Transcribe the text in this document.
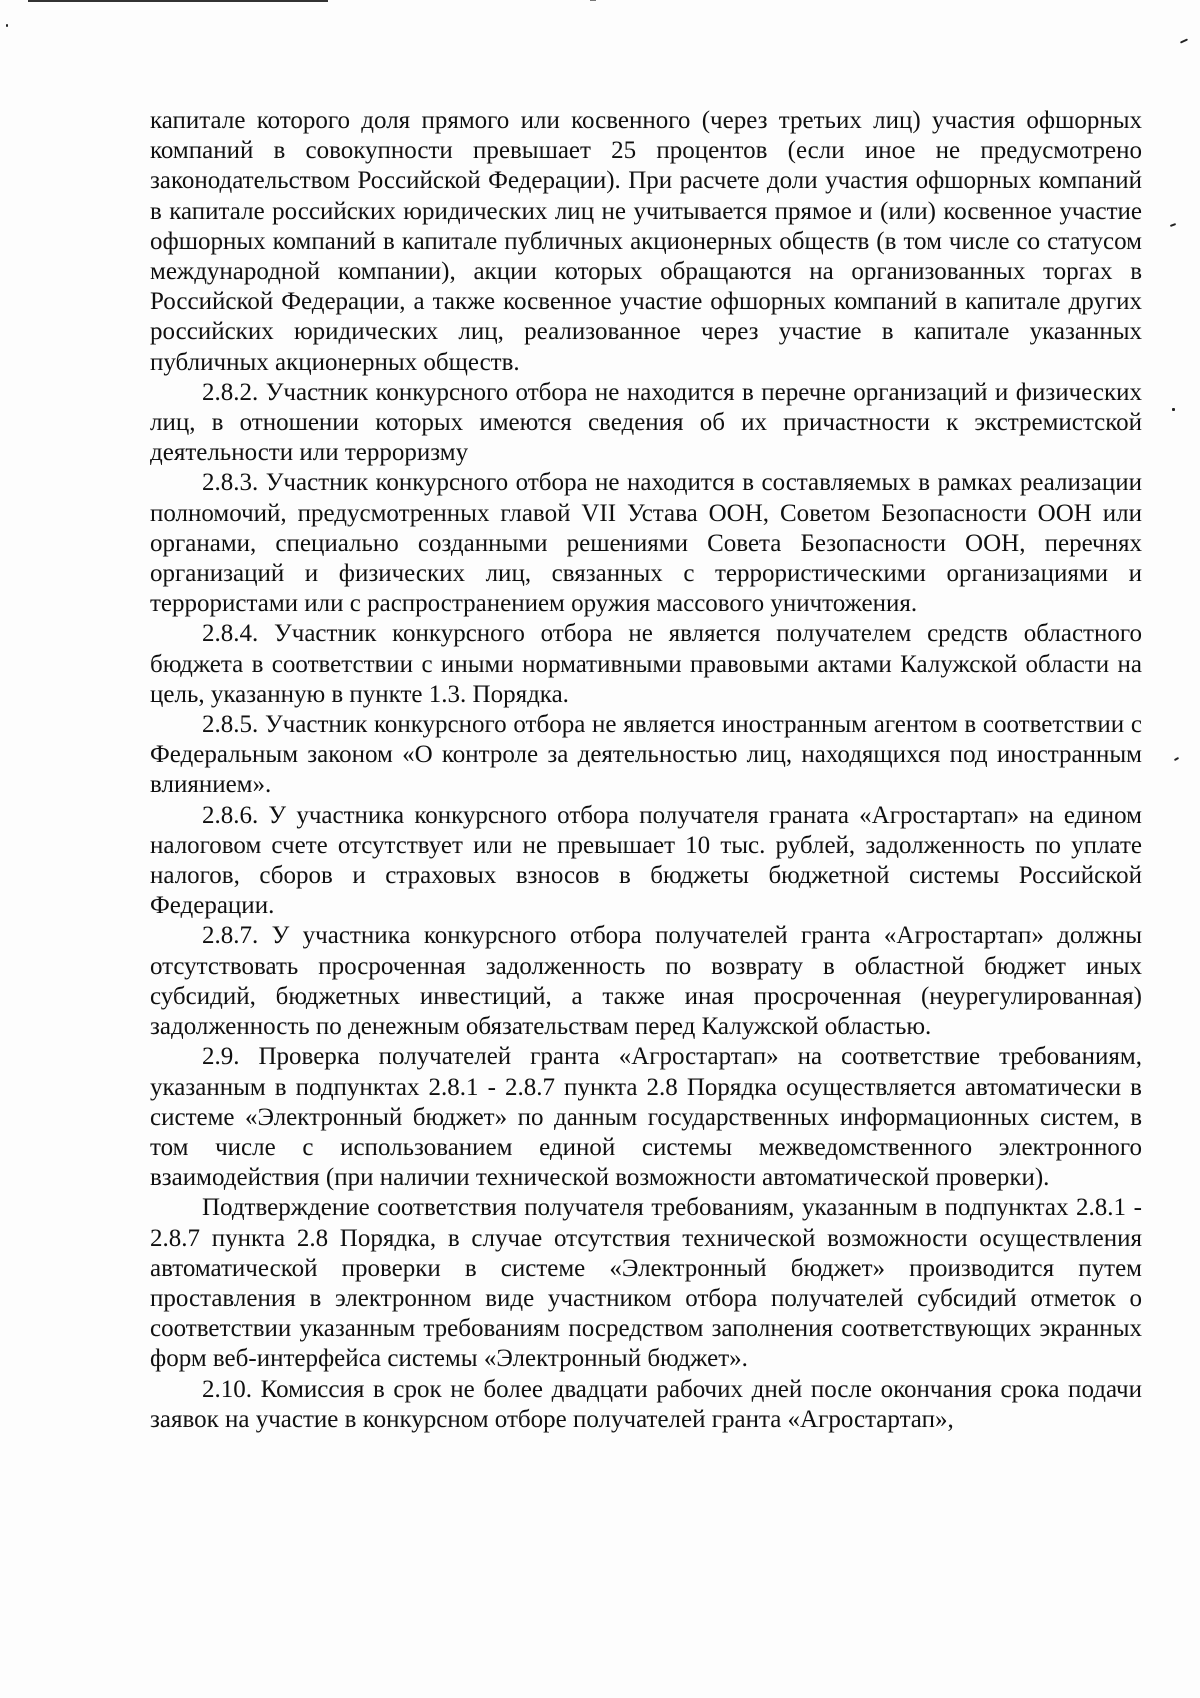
капитале которого доля прямого или косвенного (через третьих лиц) участия офшорных компаний в совокупности превышает 25 процентов (если иное не предусмотрено законодательством Российской Федерации). При расчете доли участия офшорных компаний в капитале российских юридических лиц не учитывается прямое и (или) косвенное участие офшорных компаний в капитале публичных акционерных обществ (в том числе со статусом международной компании), акции которых обращаются на организованных торгах в Российской Федерации, а также косвенное участие офшорных компаний в капитале других российских юридических лиц, реализованное через участие в капитале указанных публичных акционерных обществ.

2.8.2. Участник конкурсного отбора не находится в перечне организаций и физических лиц, в отношении которых имеются сведения об их причастности к экстремистской деятельности или терроризму

2.8.3. Участник конкурсного отбора не находится в составляемых в рамках реализации полномочий, предусмотренных главой VII Устава ООН, Советом Безопасности ООН или органами, специально созданными решениями Совета Безопасности ООН, перечнях организаций и физических лиц, связанных с террористическими организациями и террористами или с распространением оружия массового уничтожения.

2.8.4. Участник конкурсного отбора не является получателем средств областного бюджета в соответствии с иными нормативными правовыми актами Калужской области на цель, указанную в пункте 1.3. Порядка.

2.8.5. Участник конкурсного отбора не является иностранным агентом в соответствии с Федеральным законом «О контроле за деятельностью лиц, находящихся под иностранным влиянием».

2.8.6. У участника конкурсного отбора получателя граната «Агростартап» на едином налоговом счете отсутствует или не превышает 10 тыс. рублей, задолженность по уплате налогов, сборов и страховых взносов в бюджеты бюджетной системы Российской Федерации.

2.8.7. У участника конкурсного отбора получателей гранта «Агростартап» должны отсутствовать просроченная задолженность по возврату в областной бюджет иных субсидий, бюджетных инвестиций, а также иная просроченная (неурегулированная) задолженность по денежным обязательствам перед Калужской областью.

2.9. Проверка получателей гранта «Агростартап» на соответствие требованиям, указанным в подпунктах 2.8.1 - 2.8.7 пункта 2.8 Порядка осуществляется автоматически в системе «Электронный бюджет» по данным государственных информационных систем, в том числе с использованием единой системы межведомственного электронного взаимодействия (при наличии технической возможности автоматической проверки).

Подтверждение соответствия получателя требованиям, указанным в подпунктах 2.8.1 - 2.8.7 пункта 2.8 Порядка, в случае отсутствия технической возможности осуществления автоматической проверки в системе «Электронный бюджет» производится путем проставления в электронном виде участником отбора получателей субсидий отметок о соответствии указанным требованиям посредством заполнения соответствующих экранных форм веб-интерфейса системы «Электронный бюджет».

2.10. Комиссия в срок не более двадцати рабочих дней после окончания срока подачи заявок на участие в конкурсном отборе получателей гранта «Агростартап»,
